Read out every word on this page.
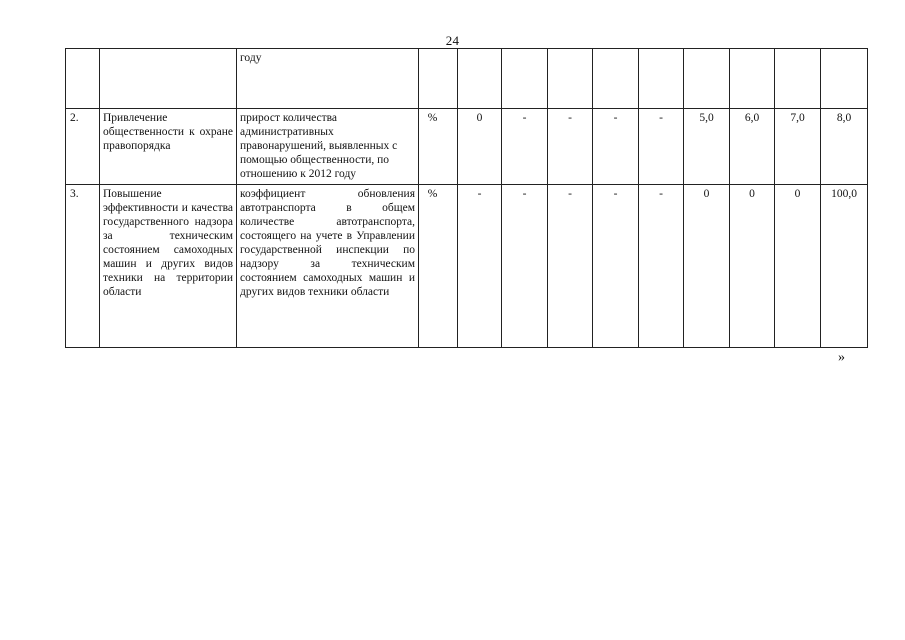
24
		году										
2.	Привлечение общественности к охране правопорядка	прирост количества административных правонарушений, выявленных с помощью общественности, по отношению к 2012 году	%	0	-	-	-	-	5,0	6,0	7,0	8,0
3.	Повышение эффективности и качества государственного надзора за техническим состоянием самоходных машин и других видов техники на территории области	коэффициент обновления автотранспорта в общем количестве автотранспорта, состоящего на учете в Управлении государственной инспекции по надзору за техническим состоянием самоходных машин и других видов техники области	%	-	-	-	-	-	0	0	0	100,0
»
